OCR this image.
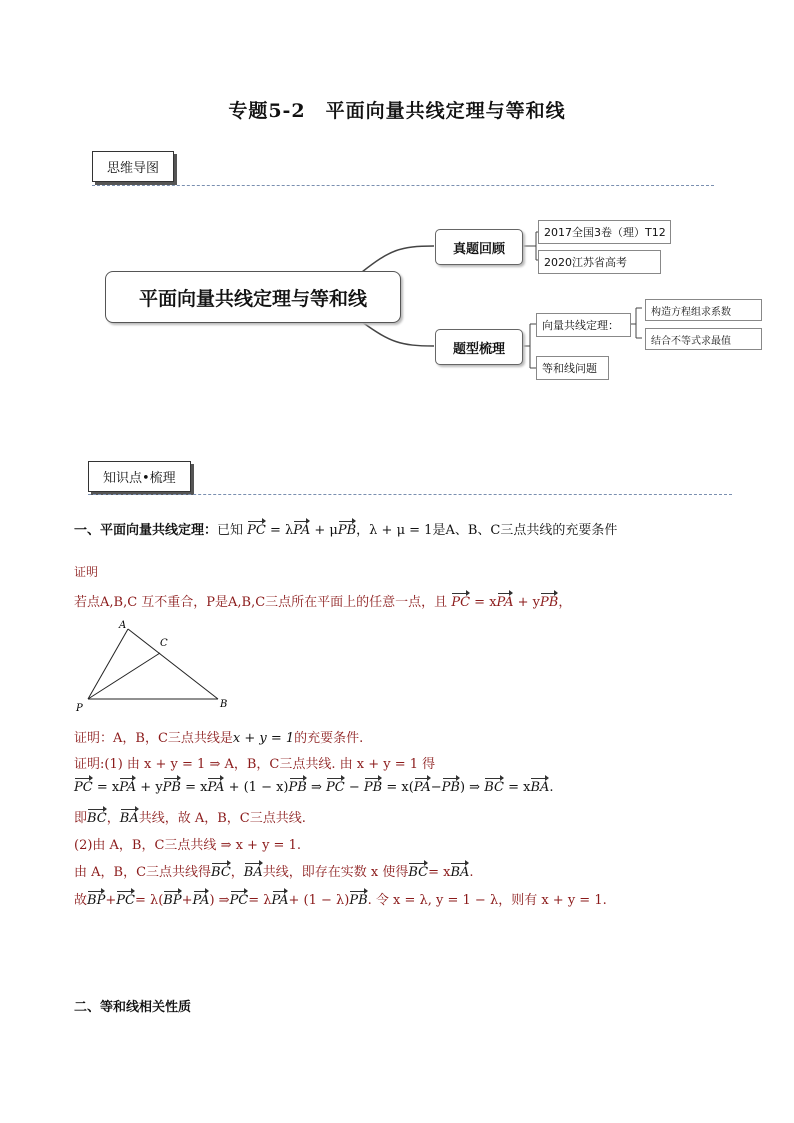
专题5-2　平面向量共线定理与等和线
思维导图
平面向量共线定理与等和线
真题回顾
题型梳理
2017全国3卷（理）T12
2020江苏省高考
向量共线定理：
等和线问题
构造方程组求系数
结合不等式求最值
知识点•梳理
一、平面向量共线定理：已知 PC = λPA + μPB，λ + μ = 1是A、B、C三点共线的充要条件
证明
若点A,B,C 互不重合，P是A,B,C三点所在平面上的任意一点，且 PC = xPA + yPB，
A
C
P	B
证明：A，B，C三点共线是x + y = 1的充要条件.
证明:(1) 由 x + y = 1 ⇒ A，B，C三点共线. 由 x + y = 1 得
PC = xPA + yPB = xPA + (1 − x)PB ⇒ PC − PB = x(PA−PB) ⇒ BC = xBA.
即BC，BA共线，故 A，B，C三点共线.
(2)由 A，B，C三点共线 ⇒ x + y = 1.
由 A，B，C三点共线得BC，BA共线，即存在实数 x 使得BC= xBA.
故BP+PC= λ(BP+PA) ⇒PC= λPA+ (1 − λ)PB. 令 x = λ, y = 1 − λ，则有 x + y = 1.
二、等和线相关性质
